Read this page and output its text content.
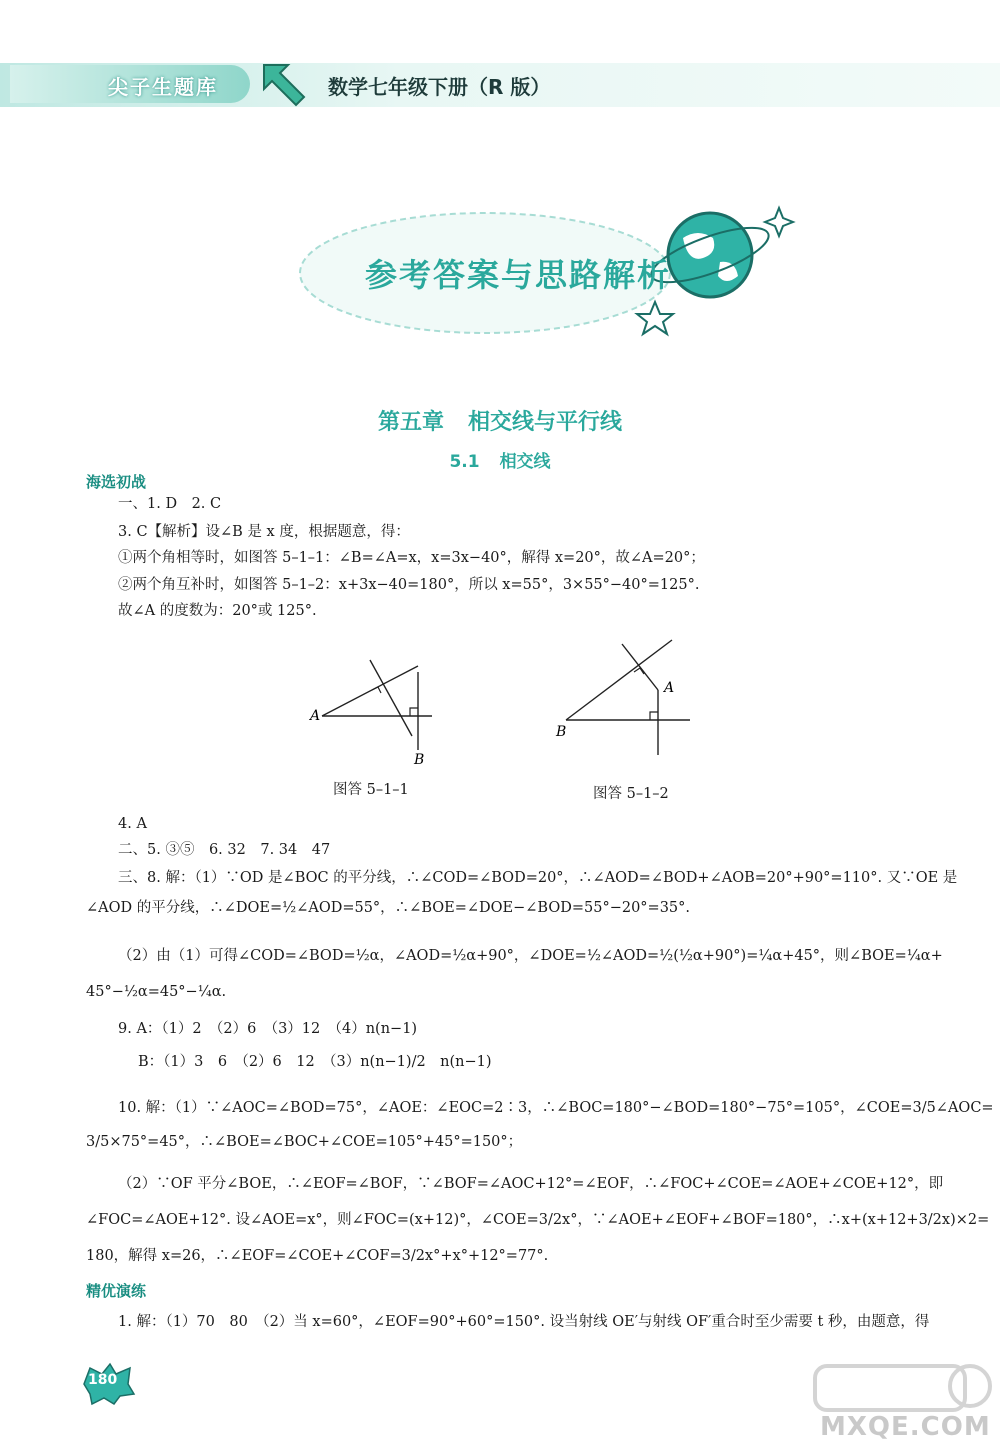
尖子生题库	数学七年级下册（R 版）
参考答案与思路解析
第五章 相交线与平行线
5.1 相交线
海选初战
一、1. D　2. C
3. C【解析】设∠B 是 x 度，根据题意，得：
①两个角相等时，如图答 5–1–1：∠B=∠A=x，x=3x−40°，解得 x=20°，故∠A=20°；
②两个角互补时，如图答 5–1–2：x+3x−40=180°，所以 x=55°，3×55°−40°=125°.
故∠A 的度数为：20°或 125°.
A
B
图答 5–1–1
A
B
图答 5–1–2
4. A
二、5. ③⑤　6. 32　7. 34　47
三、8. 解：（1）∵OD 是∠BOC 的平分线，∴∠COD=∠BOD=20°，∴∠AOD=∠BOD+∠AOB=20°+90°=110°. 又∵OE 是
∠AOD 的平分线，∴∠DOE=½∠AOD=55°，∴∠BOE=∠DOE−∠BOD=55°−20°=35°.
（2）由（1）可得∠COD=∠BOD=½α，∠AOD=½α+90°，∠DOE=½∠AOD=½(½α+90°)=¼α+45°，则∠BOE=¼α+
45°−½α=45°−¼α.
9. A：（1）2　（2）6　（3）12　（4）n(n−1)
B：（1）3　6　（2）6　12　（3）n(n−1)/2　n(n−1)
10. 解：（1）∵∠AOC=∠BOD=75°，∠AOE：∠EOC=2∶3，∴∠BOC=180°−∠BOD=180°−75°=105°，∠COE=3/5∠AOC=
3/5×75°=45°，∴∠BOE=∠BOC+∠COE=105°+45°=150°；
（2）∵OF 平分∠BOE，∴∠EOF=∠BOF，∵∠BOF=∠AOC+12°=∠EOF，∴∠FOC+∠COE=∠AOE+∠COE+12°，即
∠FOC=∠AOE+12°. 设∠AOE=x°，则∠FOC=(x+12)°，∠COE=3/2x°，∵∠AOE+∠EOF+∠BOF=180°，∴x+(x+12+3/2x)×2=
180，解得 x=26，∴∠EOF=∠COE+∠COF=3/2x°+x°+12°=77°.
精优演练
1. 解：（1）70　80　（2）当 x=60°，∠EOF=90°+60°=150°. 设当射线 OE′与射线 OF′重合时至少需要 t 秒，由题意，得
180
MXQE.COM
